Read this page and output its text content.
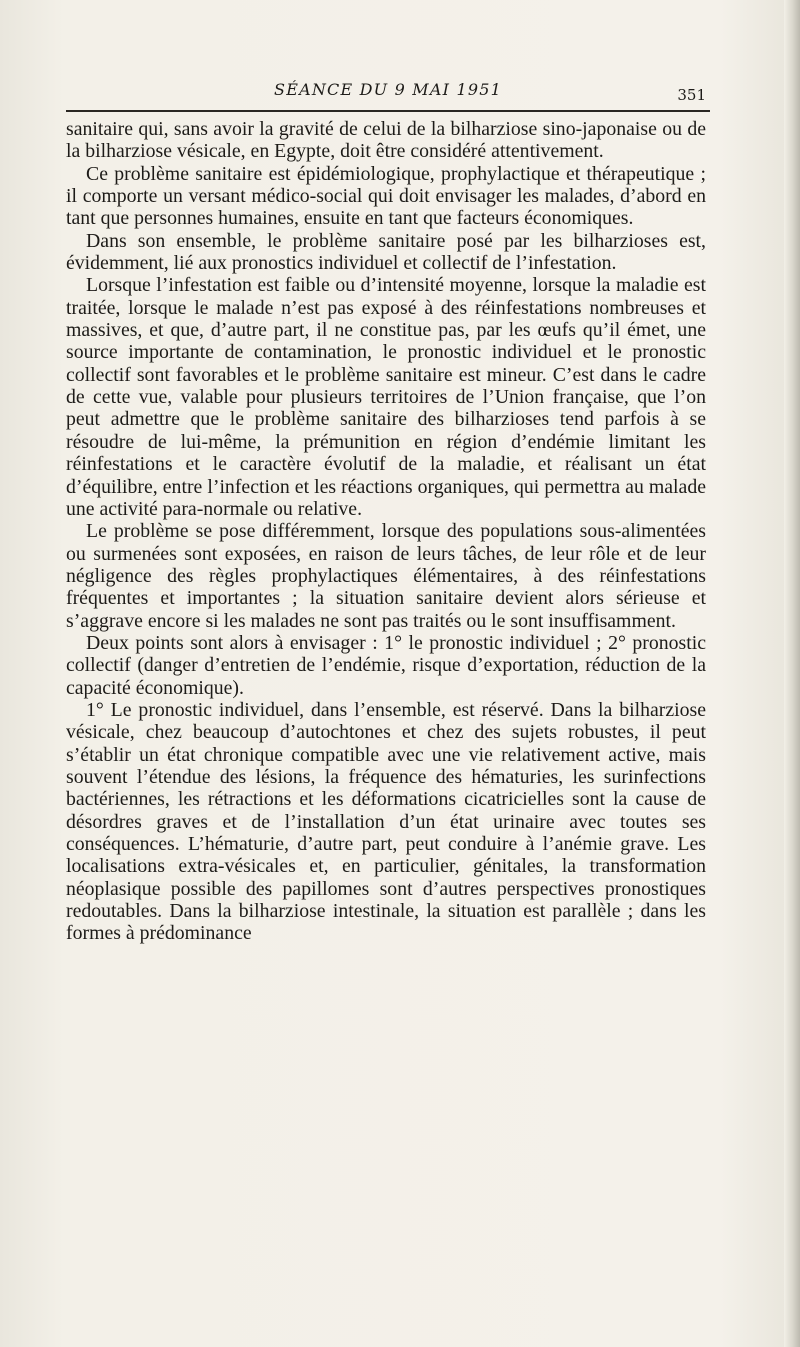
SÉANCE DU 9 MAI 1951	351

sanitaire qui, sans avoir la gravité de celui de la bilharziose sino-japonaise ou de la bilharziose vésicale, en Egypte, doit être considéré attentivement.

Ce problème sanitaire est épidémiologique, prophylactique et thérapeutique ; il comporte un versant médico-social qui doit envisager les malades, d’abord en tant que personnes humaines, ensuite en tant que facteurs économiques.

Dans son ensemble, le problème sanitaire posé par les bilharzioses est, évidemment, lié aux pronostics individuel et collectif de l’infestation.

Lorsque l’infestation est faible ou d’intensité moyenne, lorsque la maladie est traitée, lorsque le malade n’est pas exposé à des réinfestations nombreuses et massives, et que, d’autre part, il ne constitue pas, par les œufs qu’il émet, une source importante de contamination, le pronostic individuel et le pronostic collectif sont favorables et le problème sanitaire est mineur. C’est dans le cadre de cette vue, valable pour plusieurs territoires de l’Union française, que l’on peut admettre que le problème sanitaire des bilharzioses tend parfois à se résoudre de lui-même, la prémunition en région d’endémie limitant les réinfestations et le caractère évolutif de la maladie, et réalisant un état d’équilibre, entre l’infection et les réactions organiques, qui permettra au malade une activité para-normale ou relative.

Le problème se pose différemment, lorsque des populations sous-alimentées ou surmenées sont exposées, en raison de leurs tâches, de leur rôle et de leur négligence des règles prophylactiques élémentaires, à des réinfestations fréquentes et importantes ; la situation sanitaire devient alors sérieuse et s’aggrave encore si les malades ne sont pas traités ou le sont insuffisamment.

Deux points sont alors à envisager : 1° le pronostic individuel ; 2° pronostic collectif (danger d’entretien de l’endémie, risque d’exportation, réduction de la capacité économique).

1° Le pronostic individuel, dans l’ensemble, est réservé. Dans la bilharziose vésicale, chez beaucoup d’autochtones et chez des sujets robustes, il peut s’établir un état chronique compatible avec une vie relativement active, mais souvent l’étendue des lésions, la fréquence des hématuries, les surinfections bactériennes, les rétractions et les déformations cicatricielles sont la cause de désordres graves et de l’installation d’un état urinaire avec toutes ses conséquences. L’hématurie, d’autre part, peut conduire à l’anémie grave. Les localisations extra-vésicales et, en particulier, génitales, la transformation néoplasique possible des papillomes sont d’autres perspectives pronostiques redoutables. Dans la bilharziose intestinale, la situation est parallèle ; dans les formes à prédominance
